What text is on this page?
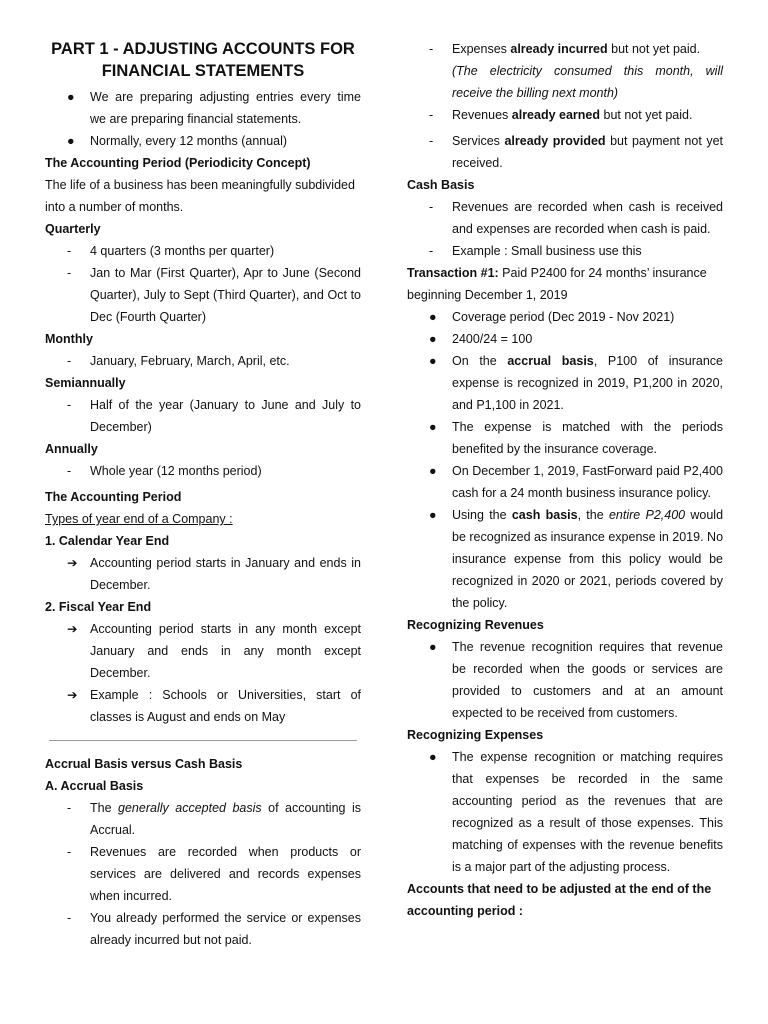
PART 1 - ADJUSTING ACCOUNTS FOR FINANCIAL STATEMENTS
●	We are preparing adjusting entries every time we are preparing financial statements.
●	Normally, every 12 months (annual)

The Accounting Period (Periodicity Concept)

The life of a business has been meaningfully subdivided into a number of months.

Quarterly

-	4 quarters (3 months per quarter)
-	Jan to Mar (First Quarter), Apr to June (Second Quarter), July to Sept (Third Quarter), and Oct to Dec (Fourth Quarter)

Monthly

-	January, February, March, April, etc.

Semiannually

-	Half of the year (January to June and July to December)

Annually

-	Whole year (12 months period)

The Accounting Period

Types of year end of a Company :

1. Calendar Year End

➔ Accounting period starts in January and ends in December.

2. Fiscal Year End

➔ Accounting period starts in any month except January and ends in any month except December.
➔ Example : Schools or Universities, start of classes is August and ends on May

Accrual Basis versus Cash Basis

A. Accrual Basis

-	The generally accepted basis of accounting is Accrual.
-	Revenues are recorded when products or services are delivered and records expenses when incurred.
-	You already performed the service or expenses already incurred but not paid.
-	Expenses already incurred but not yet paid.
(The electricity consumed this month, will receive the billing next month)
-	Revenues already earned but not yet paid.
-	Services already provided but payment not yet received.

Cash Basis

-	Revenues are recorded when cash is received and expenses are recorded when cash is paid.
-	Example : Small business use this

Transaction #1: Paid P2400 for 24 months’ insurance beginning December 1, 2019

●	Coverage period (Dec 2019 - Nov 2021)
●	2400/24 = 100
●	On the accrual basis, P100 of insurance expense is recognized in 2019, P1,200 in 2020, and P1,100 in 2021.
●	The expense is matched with the periods benefited by the insurance coverage.
●	On December 1, 2019, FastForward paid P2,400 cash for a 24 month business insurance policy.
●	Using the cash basis, the entire P2,400 would be recognized as insurance expense in 2019. No insurance expense from this policy would be recognized in 2020 or 2021, periods covered by the policy.

Recognizing Revenues

●	The revenue recognition requires that revenue be recorded when the goods or services are provided to customers and at an amount expected to be received from customers.

Recognizing Expenses

●	The expense recognition or matching requires that expenses be recorded in the same accounting period as the revenues that are recognized as a result of those expenses. This matching of expenses with the revenue benefits is a major part of the adjusting process.

Accounts that need to be adjusted at the end of the accounting period :
